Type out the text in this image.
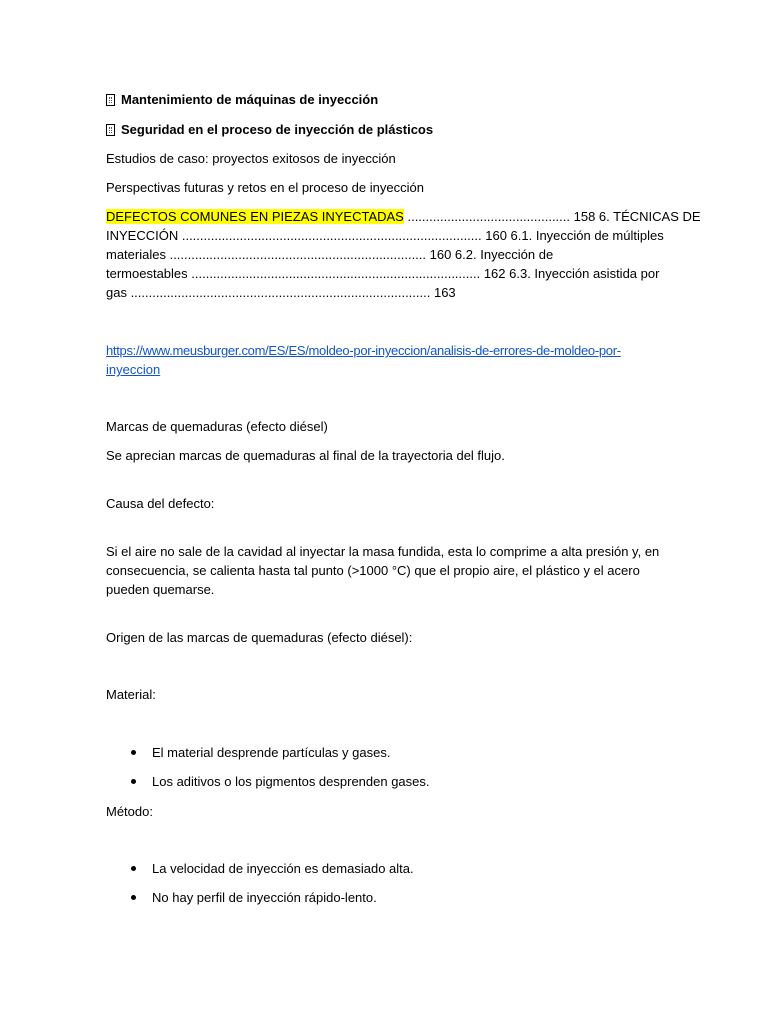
Mantenimiento de máquinas de inyección
Seguridad en el proceso de inyección de plásticos
Estudios de caso: proyectos exitosos de inyección
Perspectivas futuras y retos en el proceso de inyección
DEFECTOS COMUNES EN PIEZAS INYECTADAS ............................................. 158 6. TÉCNICAS DE
INYECCIÓN ................................................................................... 160 6.1. Inyección de múltiples
materiales ....................................................................... 160 6.2. Inyección de
termoestables ................................................................................ 162 6.3. Inyección asistida por
gas ................................................................................... 163
https://www.meusburger.com/ES/ES/moldeo-por-inyeccion/analisis-de-errores-de-moldeo-por-
inyeccion
Marcas de quemaduras (efecto diésel)
Se aprecian marcas de quemaduras al final de la trayectoria del flujo.
Causa del defecto:
Si el aire no sale de la cavidad al inyectar la masa fundida, esta lo comprime a alta presión y, en
consecuencia, se calienta hasta tal punto (>1000 °C) que el propio aire, el plástico y el acero
pueden quemarse.
Origen de las marcas de quemaduras (efecto diésel):
Material:
El material desprende partículas y gases.
Los aditivos o los pigmentos desprenden gases.
Método:
La velocidad de inyección es demasiado alta.
No hay perfil de inyección rápido-lento.
